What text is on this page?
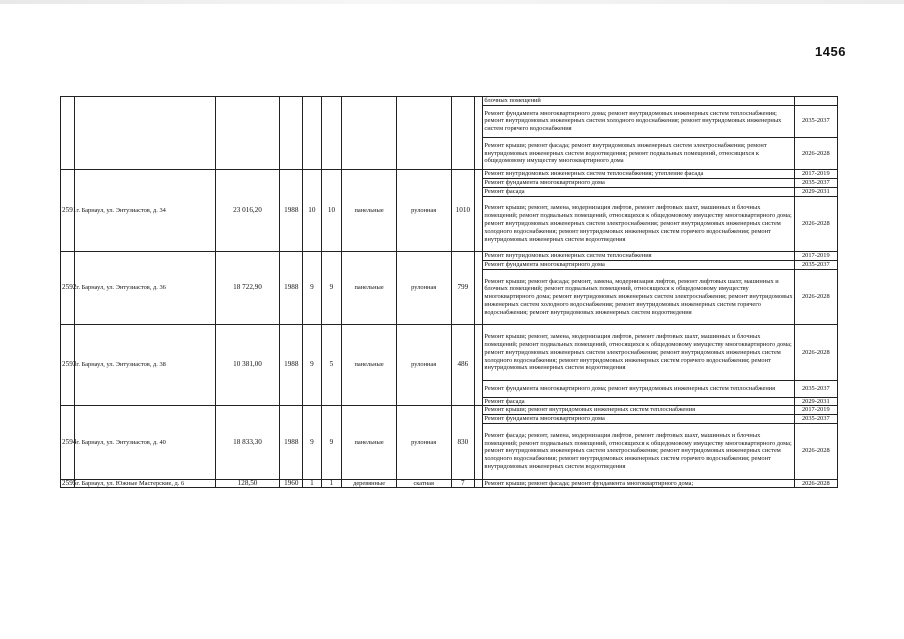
1456
										блочных помещений	
										Ремонт фундамента многоквартирного дома; ремонт внутридомовых инженерных систем теплоснабжения; ремонт внутридомовых инженерных систем холодного водоснабжения; ремонт внутридомовых инженерных систем горячего водоснабжения	2035-2037
										Ремонт крыши; ремонт фасада; ремонт внутридомовых инженерных систем электроснабжения; ремонт внутридомовых инженерных систем водоотведения; ремонт подвальных помещений, относящихся к общедомовому имуществу многоквартирного дома	2026-2028
2591	г. Барнаул, ул. Энтузиастов, д. 34	23 016,20	1988	10	10	панельные	рулонная	1010		Ремонт внутридомовых инженерных систем теплоснабжения; утепление фасада	2017-2019
										Ремонт фундамента многоквартирного дома	2035-2037
										Ремонт фасада	2029-2031
										Ремонт крыши; ремонт, замена, модернизация лифтов, ремонт лифтовых шахт, машинных и блочных помещений; ремонт подвальных помещений, относящихся к общедомовому имуществу многоквартирного дома; ремонт внутридомовых инженерных систем электроснабжения; ремонт внутридомовых инженерных систем холодного водоснабжения; ремонт внутридомовых инженерных систем горячего водоснабжения; ремонт внутридомовых инженерных систем водоотведения	2026-2028
2592	г. Барнаул, ул. Энтузиастов, д. 36	18 722,90	1988	9	9	панельные	рулонная	799		Ремонт внутридомовых инженерных систем теплоснабжения	2017-2019
										Ремонт фундамента многоквартирного дома	2035-2037
										Ремонт крыши; ремонт фасада; ремонт, замена, модернизация лифтов, ремонт лифтовых шахт, машинных и блочных помещений; ремонт подвальных помещений, относящихся к общедомовому имуществу многоквартирного дома; ремонт внутридомовых инженерных систем электроснабжения; ремонт внутридомовых инженерных систем холодного водоснабжения; ремонт внутридомовых инженерных систем горячего водоснабжения; ремонт внутридомовых инженерных систем водоотведения	2026-2028
2593	г. Барнаул, ул. Энтузиастов, д. 38	10 381,00	1988	9	5	панельные	рулонная	486		Ремонт крыши; ремонт, замена, модернизация лифтов, ремонт лифтовых шахт, машинных и блочных помещений; ремонт подвальных помещений, относящихся к общедомовому имуществу многоквартирного дома; ремонт внутридомовых инженерных систем электроснабжения; ремонт внутридомовых инженерных систем холодного водоснабжения; ремонт внутридомовых инженерных систем горячего водоснабжения; ремонт внутридомовых инженерных систем водоотведения	2026-2028
										Ремонт фундамента многоквартирного дома; ремонт внутридомовых инженерных систем теплоснабжения	2035-2037
										Ремонт фасада	2029-2031
2594	г. Барнаул, ул. Энтузиастов, д. 40	18 833,30	1988	9	9	панельные	рулонная	830		Ремонт крыши; ремонт внутридомовых инженерных систем теплоснабжения	2017-2019
										Ремонт фундамента многоквартирного дома	2035-2037
										Ремонт фасада; ремонт, замена, модернизация лифтов, ремонт лифтовых шахт, машинных и блочных помещений; ремонт подвальных помещений, относящихся к общедомовому имуществу многоквартирного дома; ремонт внутридомовых инженерных систем электроснабжения; ремонт внутридомовых инженерных систем холодного водоснабжения; ремонт внутридомовых инженерных систем горячего водоснабжения; ремонт внутридомовых инженерных систем водоотведения	2026-2028
2595	г. Барнаул, ул. Южные Мастерские, д. 6	128,50	1960	1	1	деревянные	скатная	7		Ремонт крыши; ремонт фасада; ремонт фундамента многоквартирного дома;	2026-2028
